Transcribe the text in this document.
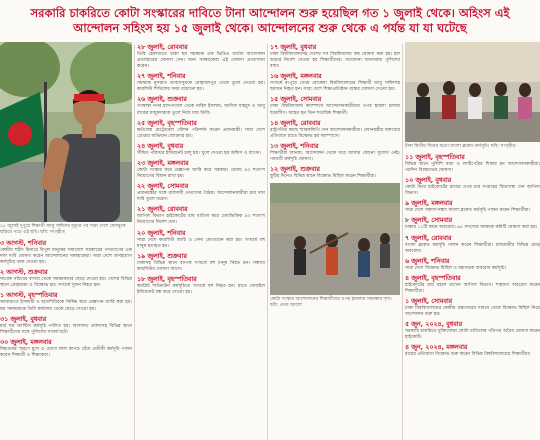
সরকারি চাকরিতে কোটা সংস্কারের দাবিতে টানা আন্দোলন শুরু হয়েছিল গত ১ জুলাই থেকে। অহিংস এই
আন্দোলন সহিংস হয় ১৫ জুলাই থেকে। আন্দোলনের শুরু থেকে এ পর্যন্ত যা যা ঘটেছে

১৮ জুলাই দুপুরে শিক্ষার্থী আবু সাঈদের মৃত্যুর পর সারা দেশে ফেসবুকে ছড়িয়ে পড়ে এই ছবি। ছবি: সংগৃহীত

৩ আগস্ট, শনিবার

কেন্দ্রীয় শহীদ মিনারে বিপুল মানুষের সমাবেশে সরকারের পদত্যাগের এক দফা দাবি ঘোষণা করেন আন্দোলনের সমন্বয়কেরা। সারা দেশে অসহযোগ কর্মসূচির ডাক দেওয়া হয়।

২ আগস্ট, শুক্রবার

সাবেক সচিবের বাসায় থেকে সমন্বয়কদের ছেড়ে দেওয়া হয়। দেশের বিভিন্ন স্থানে দ্রোহযাত্রা ও বিক্ষোভ হয়। সংঘর্ষে দুজন নিহত হন।

১ আগস্ট, বৃহস্পতিবার

জামায়াতে ইসলামী ও ছাত্রশিবিরকে নিষিদ্ধ করে প্রজ্ঞাপন জারি করা হয়। ছয় সমন্বয়ককে ডিবি কার্যালয় থেকে ছেড়ে দেওয়া হয়।

৩১ জুলাই, বুধবার

মার্চ ফর জাস্টিস কর্মসূচি পালিত হয়। আদালত প্রাঙ্গণসহ বিভিন্ন স্থানে শিক্ষার্থীদের সঙ্গে পুলিশের সংঘর্ষ ঘটে।

৩০ জুলাই, মঙ্গলবার

নিহতদের স্মরণে মুখে ও চোখে লাল কাপড় বেঁধে প্রতীকী কর্মসূচি পালন করেন শিক্ষার্থী ও শিক্ষকেরা।

২৮ জুলাই, রোববার

ডিবি হেফাজতে থাকা ছয় সমন্বয়ক এক ভিডিও বার্তায় আন্দোলন প্রত্যাহারের ঘোষণা দেন। অন্য সমন্বয়কেরা এই ঘোষণা প্রত্যাখ্যান করেন।

২৭ জুলাই, শনিবার

সমন্বয়ক নুসরাত তাবাসসুমকে মোহাম্মদপুর থেকে তুলে নেওয়া হয়। কারফিউ শিথিলের সময় বাড়ানো হয়।

২৬ জুলাই, শুক্রবার

গণস্বাস্থ্য নগর হাসপাতাল থেকে নাহিদ ইসলাম, আসিফ মাহমুদ ও আবু বাকের মজুমদারকে তুলে নিয়ে যায় ডিবি।

২৫ জুলাই, বৃহস্পতিবার

ক্ষতিগ্রস্ত মেট্রোরেল স্টেশন পরিদর্শন করেন প্রধানমন্ত্রী। সারা দেশে গ্রেপ্তার অভিযান জোরদার হয়।

২৪ জুলাই, বুধবার

সীমিত পরিসরে ইন্টারনেট চালু হয়। খুলে দেওয়া হয় অফিস ও ব্যাংক।

২৩ জুলাই, মঙ্গলবার

কোটা সংস্কার করে প্রজ্ঞাপন জারি করে সরকার। মেধায় ৯৩ শতাংশ নিয়োগের বিধান রাখা হয়।

২২ জুলাই, সোমবার

প্রধানমন্ত্রীর সঙ্গে ব্যবসায়ী নেতাদের বৈঠক। আন্দোলনকারীরা চার দফা দাবি তুলে ধরেন।

২১ জুলাই, রোববার

আপিল বিভাগ হাইকোর্টের রায় বাতিল করে মেধাভিত্তিক ৯৩ শতাংশ নিয়োগের নির্দেশ দেন।

২০ জুলাই, শনিবার

সারা দেশে কারফিউ জারি ও সেনা মোতায়েন করা হয়। সংঘর্ষে বহু মানুষ হতাহত হন।

১৯ জুলাই, শুক্রবার

ঢাকাসহ বিভিন্ন স্থানে ব্যাপক সংঘর্ষে বহু মানুষ নিহত হন। সন্ধ্যায় কারফিউর ঘোষণা আসে।

১৮ জুলাই, বৃহস্পতিবার

কমপ্লিট শাটডাউন কর্মসূচিতে সংঘর্ষে বহু নিহত হন। রাতে মোবাইল ইন্টারনেট বন্ধ করে দেওয়া হয়।

১৭ জুলাই, বুধবার

ঢাকা বিশ্ববিদ্যালয়সহ দেশের সব বিশ্ববিদ্যালয় বন্ধ ঘোষণা করা হয়। হল ছাড়ার নির্দেশ দেওয়া হয় শিক্ষার্থীদের। গায়েবানা জানাজায় পুলিশের বাধা।

১৬ জুলাই, মঙ্গলবার

সংঘর্ষে রংপুরে বেগম রোকেয়া বিশ্ববিদ্যালয়ের শিক্ষার্থী আবু সাঈদসহ ছয়জন নিহত হন। সারা দেশে শিক্ষাপ্রতিষ্ঠান বন্ধের ঘোষণা দেওয়া হয়।

১৫ জুলাই, সোমবার

ঢাকা বিশ্ববিদ্যালয় ক্যাম্পাসে আন্দোলনকারীদের ওপর হামলা চালায় ছাত্রলীগ। আহত হন তিন শতাধিক শিক্ষার্থী।

১৪ জুলাই, রোববার

রাষ্ট্রপতির কাছে স্মারকলিপি দেন আন্দোলনকারীরা। প্রধানমন্ত্রীর বক্তব্যের প্রতিবাদে রাতে বিক্ষোভ হয় ক্যাম্পাসে।

১৩ জুলাই, শনিবার

শিক্ষার্থীরা জানায়, আন্দোলন থেকে সরে আসার কোনো সুযোগ নেই। পরবর্তী কর্মসূচি ঘোষণা।

১২ জুলাই, শুক্রবার

ছুটির দিনেও বিভিন্ন স্থানে বিক্ষোভ মিছিল করেন শিক্ষার্থীরা।

কোটা সংস্কার আন্দোলনের শিক্ষার্থীদের ওপর হামলার সময়কার দৃশ্য। ছবি: প্রথম আলো

টানা দ্বিতীয় দিনের মতো বাংলা ব্লকেড কর্মসূচি। ছবি: সংগৃহীত

১১ জুলাই, বৃহস্পতিবার

বিভিন্ন স্থানে পুলিশি বাধা ও লাঠিপেটার শিকার হন আন্দোলনকারীরা। পরদিন বিক্ষোভের ঘোষণা।

১০ জুলাই, বুধবার

কোটা নিয়ে হাইকোর্টের রায়ের ওপর চার সপ্তাহের স্থিতাবস্থা দেন আপিল বিভাগ।

৯ জুলাই, মঙ্গলবার

সারা দেশে সকাল-সন্ধ্যা বাংলা ব্লকেড কর্মসূচি পালন করেন শিক্ষার্থীরা।

৮ জুলাই, সোমবার

ঢাকার ১১টি স্থানে অবরোধ। ৬৫ সদস্যের সমন্বয়ক কমিটি ঘোষণা করা হয়।

৭ জুলাই, রোববার

বাংলা ব্লকেড কর্মসূচি পালন করেন শিক্ষার্থীরা। রাজধানীর বিভিন্ন মোড় অবরোধ।

৬ জুলাই, শনিবার

সারা দেশে বিক্ষোভ মিছিল ও মহাসড়ক অবরোধ কর্মসূচি।

৪ জুলাই, বৃহস্পতিবার

হাইকোর্টের রায় বহাল রাখেন আপিল বিভাগ। শাহবাগ অবরোধ করেন শিক্ষার্থীরা।

১ জুলাই, সোমবার

ঢাকা বিশ্ববিদ্যালয়ের কেন্দ্রীয় গ্রন্থাগারের সামনে থেকে বিক্ষোভ মিছিল নিয়ে আন্দোলন শুরু হয়।

৫ জুন, ২০২৪, বুধবার

সরকারি চাকরিতে মুক্তিযোদ্ধা কোটা বাতিলের পরিপত্র অবৈধ ঘোষণা করেন হাইকোর্ট।

৪ জুন, ২০২৪, মঙ্গলবার

রায়ের প্রতিবাদে বিক্ষোভ শুরু করেন বিভিন্ন বিশ্ববিদ্যালয়ের শিক্ষার্থীরা।
